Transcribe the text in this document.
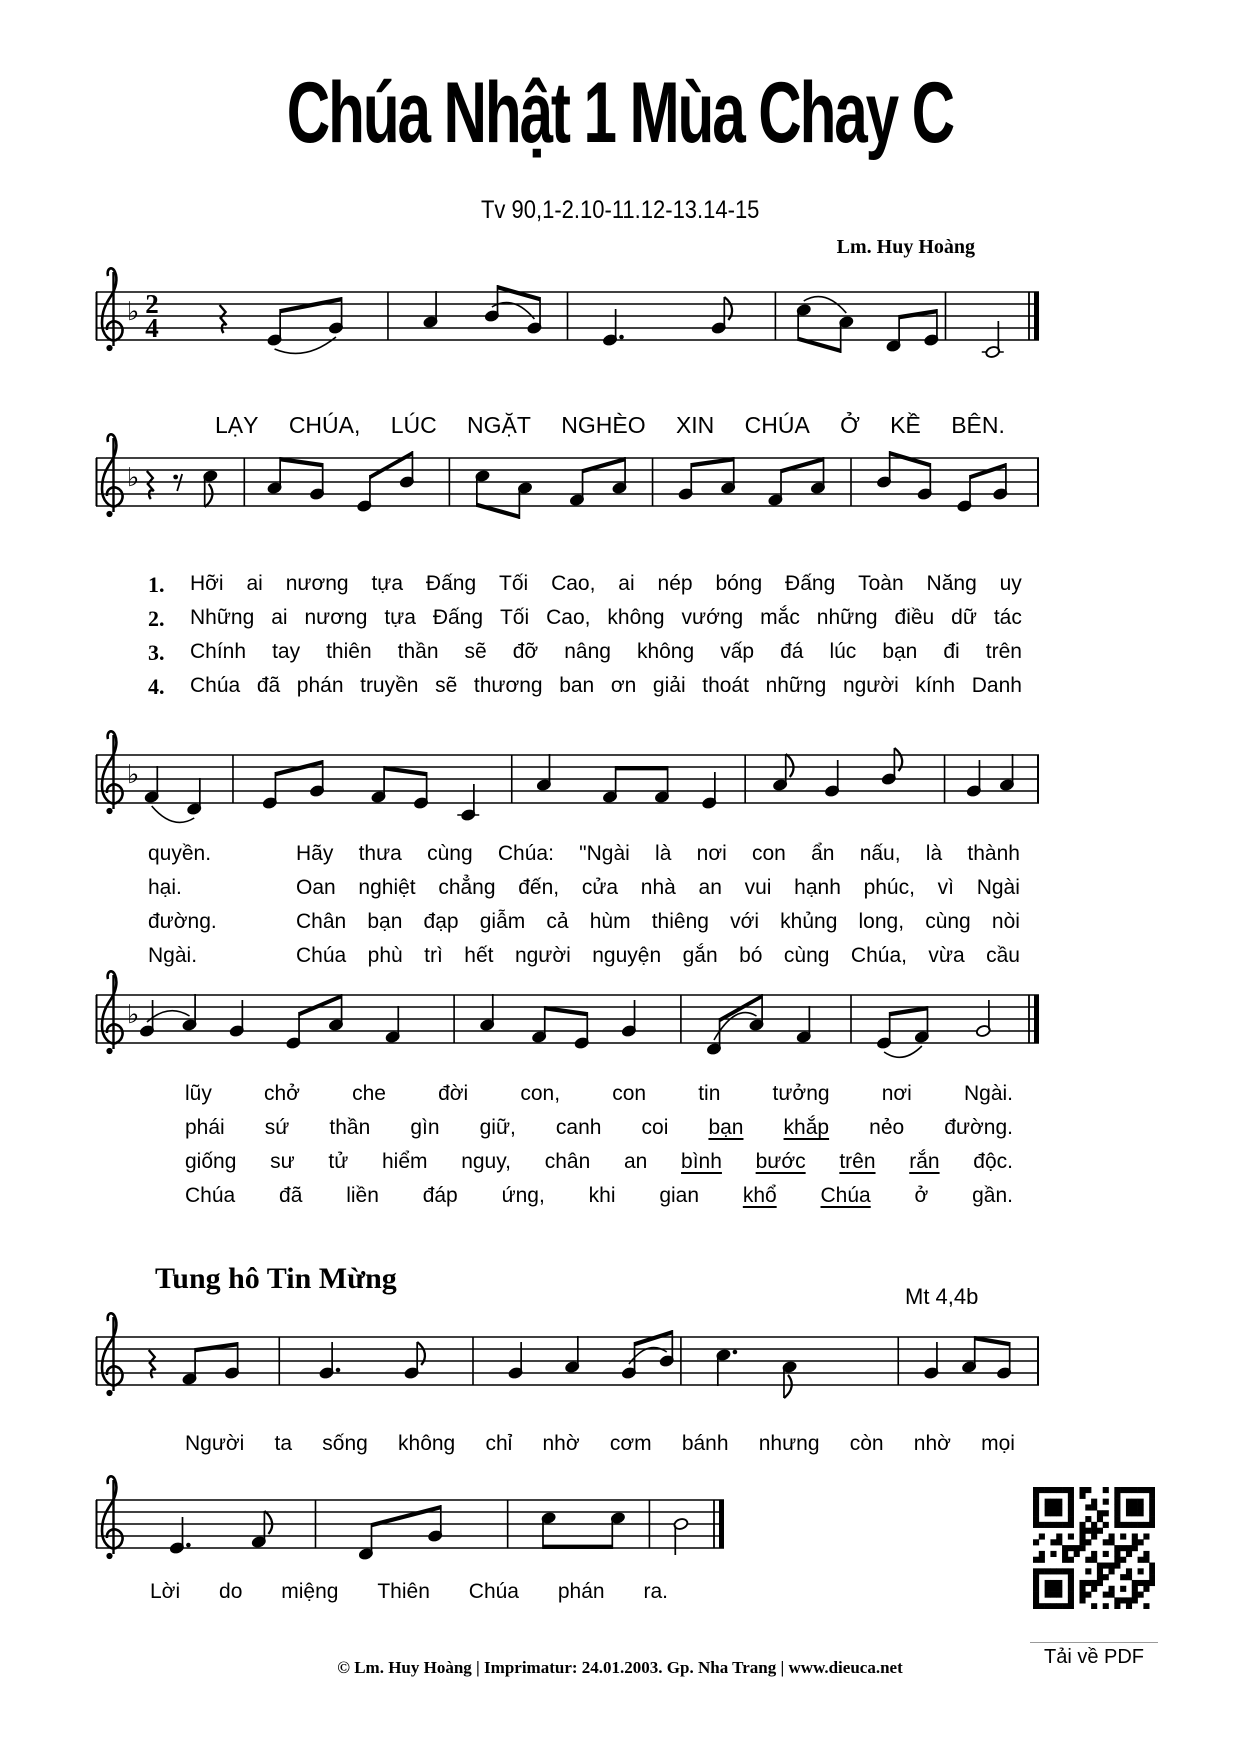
Chúa Nhật 1 Mùa Chay C
Tv 90,1-2.10-11.12-13.14-15
Lm. Huy Hoàng
♭ 2
4
LẠY CHÚA, LÚC NGẶT NGHÈO XIN CHÚA Ở KỀ BÊN.
♭
1.	Hỡi ai nương tựa Đấng Tối Cao, ai nép bóng Đấng Toàn Năng uy
2.	Những ai nương tựa Đấng Tối Cao, không vướng mắc những điều dữ tác
3.	Chính tay thiên thần sẽ đỡ nâng không vấp đá lúc bạn đi trên
4.	Chúa đã phán truyền sẽ thương ban ơn giải thoát những người kính Danh
♭
quyền.	Hãy thưa cùng Chúa: "Ngài là nơi con ẩn nấu, là thành
hại.	Oan nghiệt chẳng đến, cửa nhà an vui hạnh phúc, vì Ngài
đường.	Chân bạn đạp giẫm cả hùm thiêng với khủng long, cùng nòi
Ngài.	Chúa phù trì hết người nguyện gắn bó cùng Chúa, vừa cầu
♭
lũy chở che đời con, con tin tưởng nơi Ngài.
phái sứ thần gìn giữ, canh coi bạn khắp nẻo đường.
giống sư tử hiểm nguy, chân an bình bước trên rắn độc.
Chúa đã liền đáp ứng, khi gian khổ Chúa ở gần.
Tung hô Tin Mừng
Mt 4,4b
Người ta sống không chỉ nhờ cơm bánh nhưng còn nhờ mọi
Lời do miệng Thiên Chúa phán ra.
Tải về PDF
© Lm. Huy Hoàng | Imprimatur: 24.01.2003. Gp. Nha Trang | www.dieuca.net
